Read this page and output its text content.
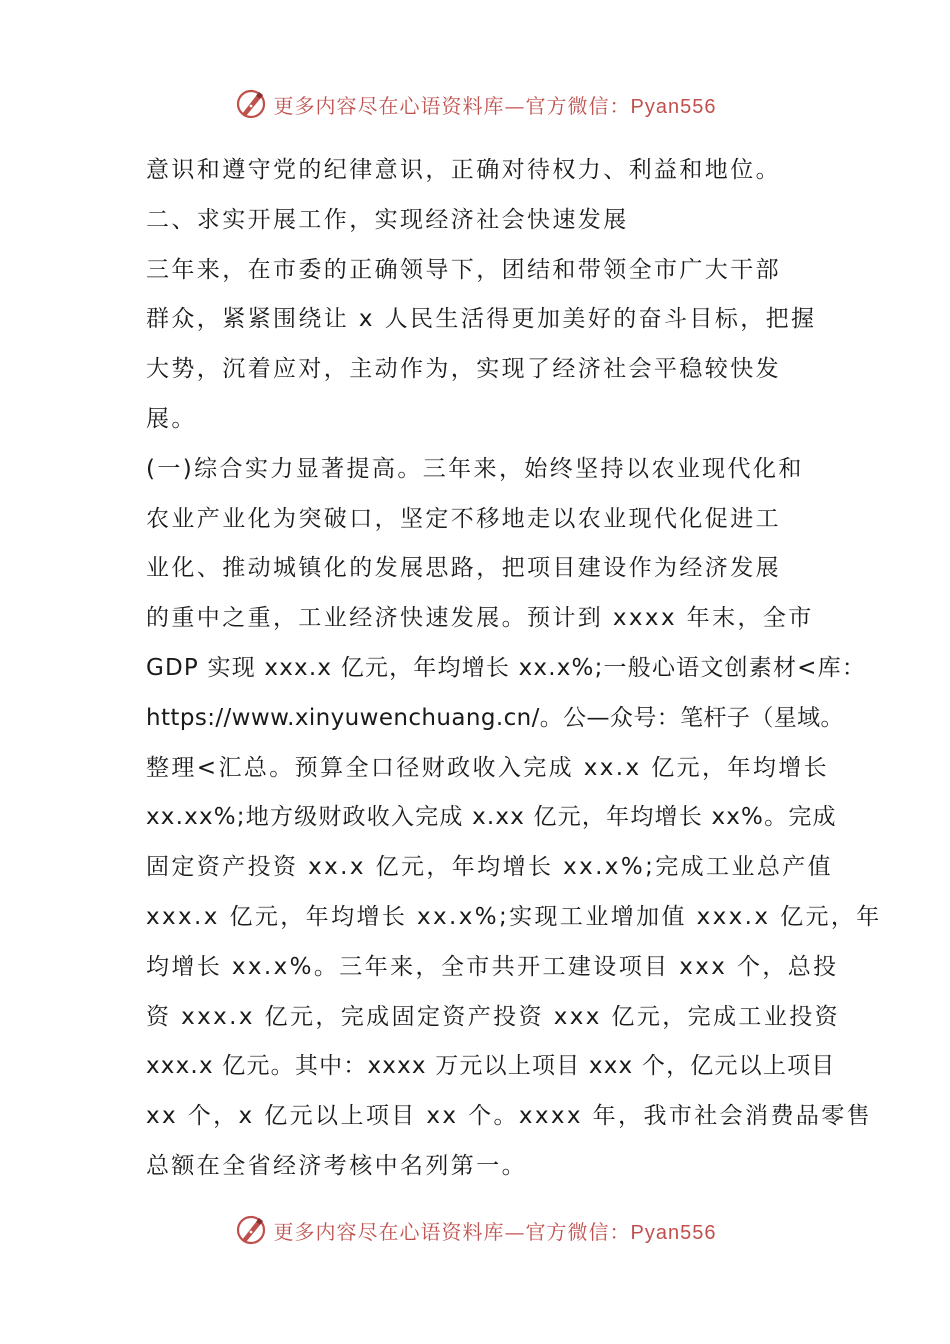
更多内容尽在心语资料库—官方微信：Pyan556
意识和遵守党的纪律意识，正确对待权力、利益和地位。
二、求实开展工作，实现经济社会快速发展
三年来，在市委的正确领导下，团结和带领全市广大干部
群众，紧紧围绕让 x 人民生活得更加美好的奋斗目标，把握
大势，沉着应对，主动作为，实现了经济社会平稳较快发
展。
(一)综合实力显著提高。三年来，始终坚持以农业现代化和
农业产业化为突破口，坚定不移地走以农业现代化促进工
业化、推动城镇化的发展思路，把项目建设作为经济发展
的重中之重，工业经济快速发展。预计到 xxxx 年末，全市
GDP 实现 xxx.x 亿元，年均增长 xx.x%;一般心语文创素材<库：
https://www.xinyuwenchuang.cn/。公—众号：笔杆子（星域。
整理<汇总。预算全口径财政收入完成 xx.x 亿元，年均增长
xx.xx%;地方级财政收入完成 x.xx 亿元，年均增长 xx%。完成
固定资产投资 xx.x 亿元，年均增长 xx.x%;完成工业总产值
xxx.x 亿元，年均增长 xx.x%;实现工业增加值 xxx.x 亿元，年
均增长 xx.x%。三年来，全市共开工建设项目 xxx 个，总投
资 xxx.x 亿元，完成固定资产投资 xxx 亿元，完成工业投资
xxx.x 亿元。其中：xxxx 万元以上项目 xxx 个，亿元以上项目
xx 个，x 亿元以上项目 xx 个。xxxx 年，我市社会消费品零售
总额在全省经济考核中名列第一。
更多内容尽在心语资料库—官方微信：Pyan556
